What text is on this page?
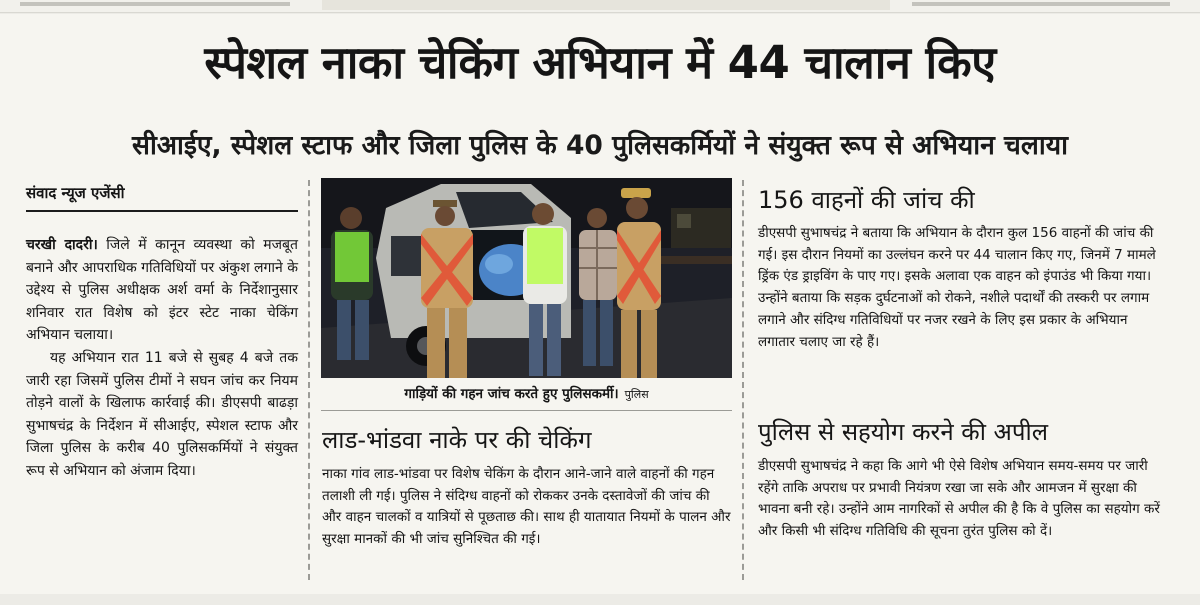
स्पेशल नाका चेकिंग अभियान में 44 चालान किए
सीआईए, स्पेशल स्टाफ और जिला पुलिस के 40 पुलिसकर्मियों ने संयुक्त रूप से अभियान चलाया
संवाद न्यूज एजेंसी

चरखी दादरी। जिले में कानून व्यवस्था को मजबूत बनाने और आपराधिक गतिविधियों पर अंकुश लगाने के उद्देश्य से पुलिस अधीक्षक अर्श वर्मा के निर्देशानुसार शनिवार रात विशेष को इंटर स्टेट नाका चेकिंग अभियान चलाया।

यह अभियान रात 11 बजे से सुबह 4 बजे तक जारी रहा जिसमें पुलिस टीमों ने सघन जांच कर नियम तोड़ने वालों के खिलाफ कार्रवाई की। डीएसपी बाढड़ा सुभाषचंद्र के निर्देशन में सीआईए, स्पेशल स्टाफ और जिला पुलिस के करीब 40 पुलिसकर्मियों ने संयुक्त रूप से अभियान को अंजाम दिया।

गाड़ियों की गहन जांच करते हुए पुलिसकर्मी। पुलिस
लाड-भांडवा नाके पर की चेकिंग

नाका गांव लाड-भांडवा पर विशेष चेकिंग के दौरान आने-जाने वाले वाहनों की गहन तलाशी ली गई। पुलिस ने संदिग्ध वाहनों को रोककर उनके दस्तावेजों की जांच की और वाहन चालकों व यात्रियों से पूछताछ की। साथ ही यातायात नियमों के पालन और सुरक्षा मानकों की भी जांच सुनिश्चित की गई।

156 वाहनों की जांच की

डीएसपी सुभाषचंद्र ने बताया कि अभियान के दौरान कुल 156 वाहनों की जांच की गई। इस दौरान नियमों का उल्लंघन करने पर 44 चालान किए गए, जिनमें 7 मामले ड्रिंक एंड ड्राइविंग के पाए गए। इसके अलावा एक वाहन को इंपाउंड भी किया गया। उन्होंने बताया कि सड़क दुर्घटनाओं को रोकने, नशीले पदार्थों की तस्करी पर लगाम लगाने और संदिग्ध गतिविधियों पर नजर रखने के लिए इस प्रकार के अभियान लगातार चलाए जा रहे हैं।

पुलिस से सहयोग करने की अपील

डीएसपी सुभाषचंद्र ने कहा कि आगे भी ऐसे विशेष अभियान समय-समय पर जारी रहेंगे ताकि अपराध पर प्रभावी नियंत्रण रखा जा सके और आमजन में सुरक्षा की भावना बनी रहे। उन्होंने आम नागरिकों से अपील की है कि वे पुलिस का सहयोग करें और किसी भी संदिग्ध गतिविधि की सूचना तुरंत पुलिस को दें।
